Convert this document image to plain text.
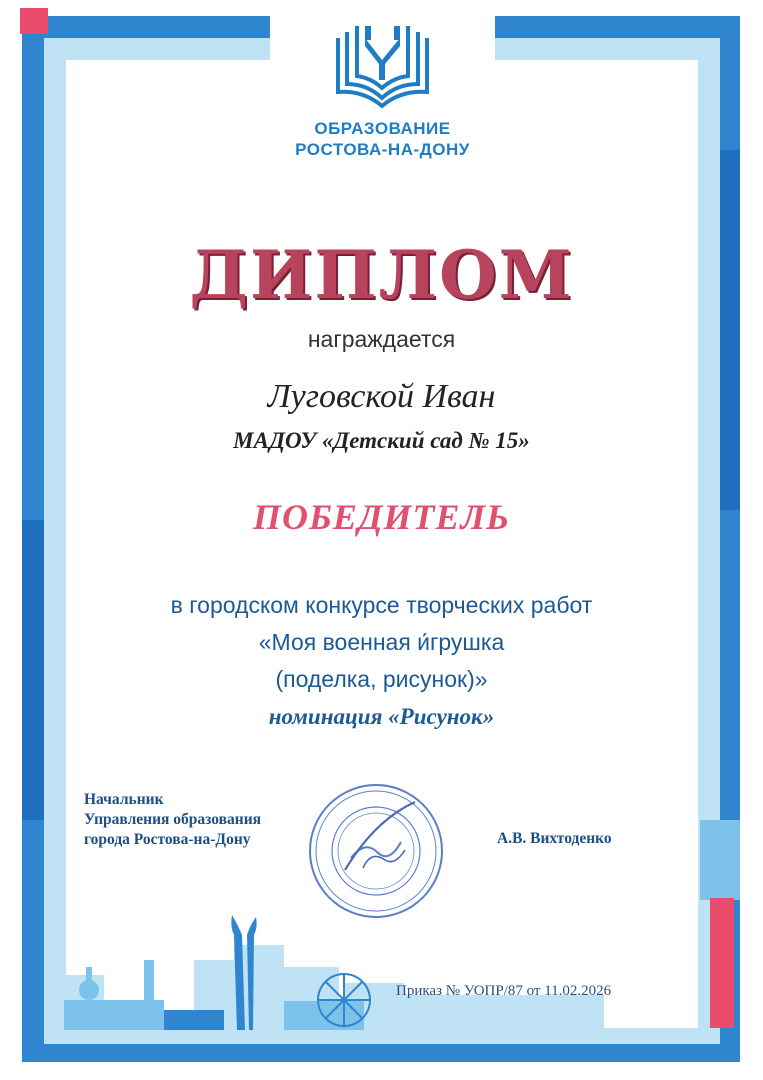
ОБРАЗОВАНИЕ
РОСТОВА-НА-ДОНУ
ДИПЛОМ
награждается
Луговской Иван
МАДОУ «Детский сад № 15»
ПОБЕДИТЕЛЬ
в городском конкурсе творческих работ
«Моя военная и́грушка
(поделка, рисунок)»
номинация «Рисунок»
Начальник
Управления образования
города Ростова-на-Дону	А.В. Вихтоденко
Приказ № УОПР/87 от 11.02.2026
